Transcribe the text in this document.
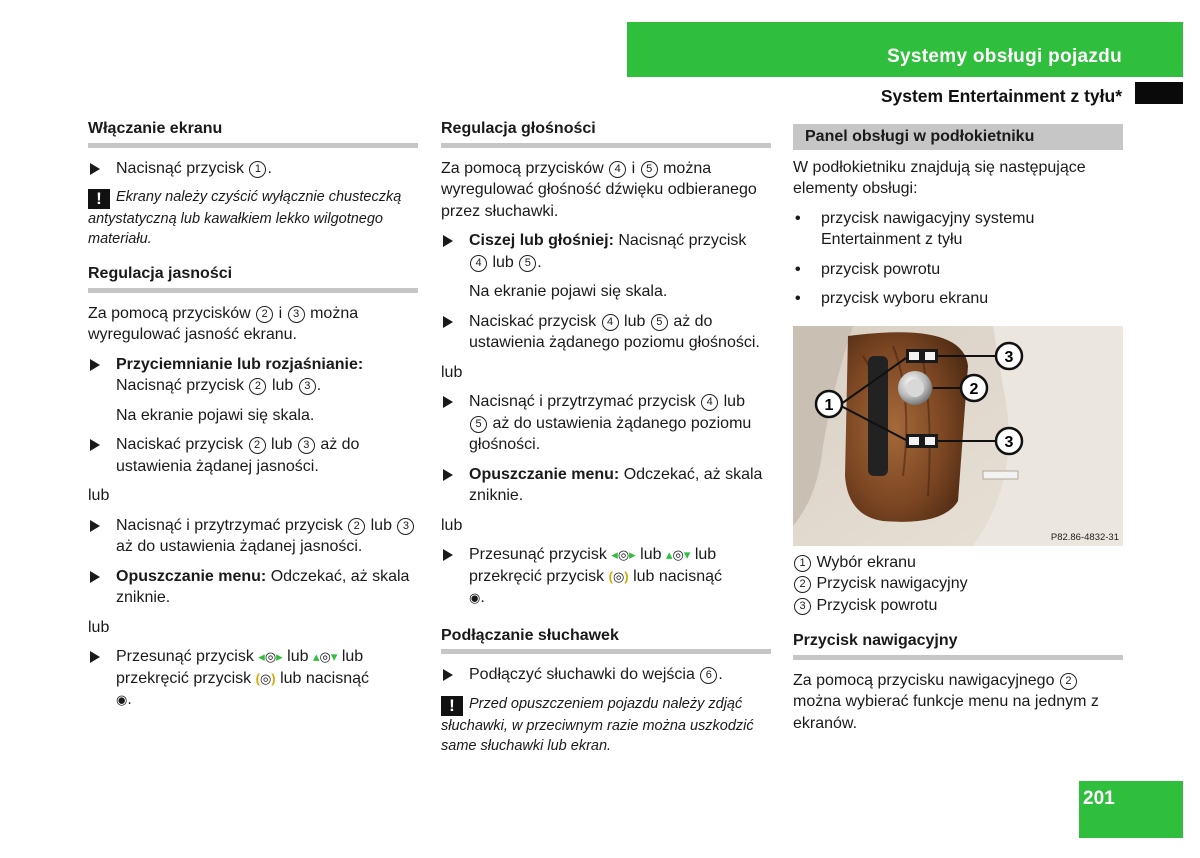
Systemy obsługi pojazdu
System Entertainment z tyłu*
Włączanie ekranu
Nacisnąć przycisk 1 .
! Ekrany należy czyścić wyłącznie chusteczką antystatyczną lub kawałkiem lekko wilgotnego materiału.
Regulacja jasności

Za pomocą przycisków 2 i 3 można wyregulować jasność ekranu.

Przyciemnianie lub rozjaśnianie:
Nacisnąć przycisk 2 lub 3 .
Na ekranie pojawi się skala.
Naciskać przycisk 2 lub 3 aż do ustawienia żądanej jasności.

lub

Nacisnąć i przytrzymać przycisk 2 lub 3 aż do ustawienia żądanej jasności.
Opuszczanie menu: Odczekać, aż skala zniknie.

lub

Przesunąć przycisk ◂◎▸ lub ▴◎▾ lub przekręcić przycisk (◎) lub nacisnąć
◉.
Regulacja głośności

Za pomocą przycisków 4 i 5 można wyregulować głośność dźwięku odbieranego przez słuchawki.

Ciszej lub głośniej: Nacisnąć przycisk
4 lub 5 .
Na ekranie pojawi się skala.
Naciskać przycisk 4 lub 5 aż do ustawienia żądanego poziomu głośności.

lub

Nacisnąć i przytrzymać przycisk 4 lub
5 aż do ustawienia żądanego poziomu głośności.
Opuszczanie menu: Odczekać, aż skala zniknie.

lub

Przesunąć przycisk ◂◎▸ lub ▴◎▾ lub przekręcić przycisk (◎) lub nacisnąć
◉.
Podłączanie słuchawek
Podłączyć słuchawki do wejścia 6 .
! Przed opuszczeniem pojazdu należy zdjąć słuchawki, w przeciwnym razie można uszkodzić same słuchawki lub ekran.
Panel obsługi w podłokietniku

W podłokietniku znajdują się następujące elementy obsługi:

• przycisk nawigacyjny systemu Entertainment z tyłu
• przycisk powrotu
• przycisk wyboru ekranu
1
2
3
3
P82.86-4832-31
1 Wybór ekranu
2 Przycisk nawigacyjny
3 Przycisk powrotu
Przycisk nawigacyjny

Za pomocą przycisku nawigacyjnego 2 można wybierać funkcje menu na jednym z ekranów.

201
